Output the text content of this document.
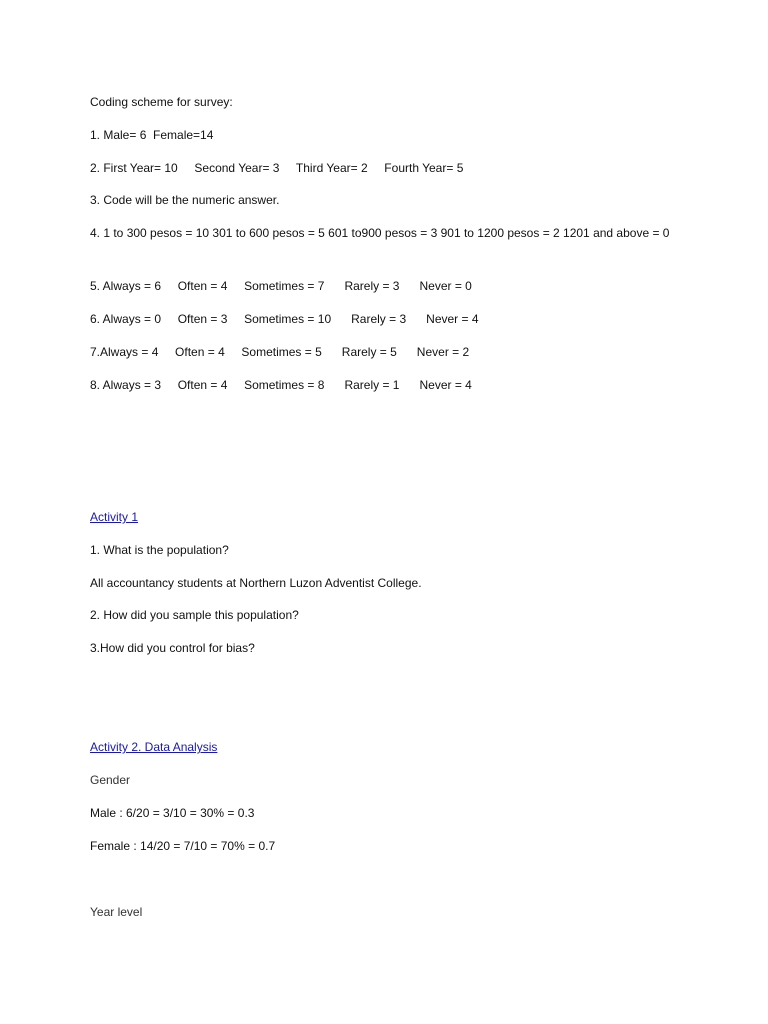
Coding scheme for survey:
1. Male= 6  Female=14
2. First Year= 10     Second Year= 3     Third Year= 2     Fourth Year= 5
3. Code will be the numeric answer.
4. 1 to 300 pesos = 10 301 to 600 pesos = 5 601 to900 pesos = 3 901 to 1200 pesos = 2 1201 and above = 0
5. Always = 6     Often = 4     Sometimes = 7      Rarely = 3      Never = 0
6. Always = 0     Often = 3     Sometimes = 10      Rarely = 3      Never = 4
7.Always = 4     Often = 4     Sometimes = 5      Rarely = 5      Never = 2
8. Always = 3     Often = 4     Sometimes = 8      Rarely = 1      Never = 4
Activity 1
1. What is the population?
All accountancy students at Northern Luzon Adventist College.
2. How did you sample this population?
3.How did you control for bias?
Activity 2. Data Analysis
Gender
Male : 6/20 = 3/10 = 30% = 0.3
Female : 14/20 = 7/10 = 70% = 0.7
Year level
